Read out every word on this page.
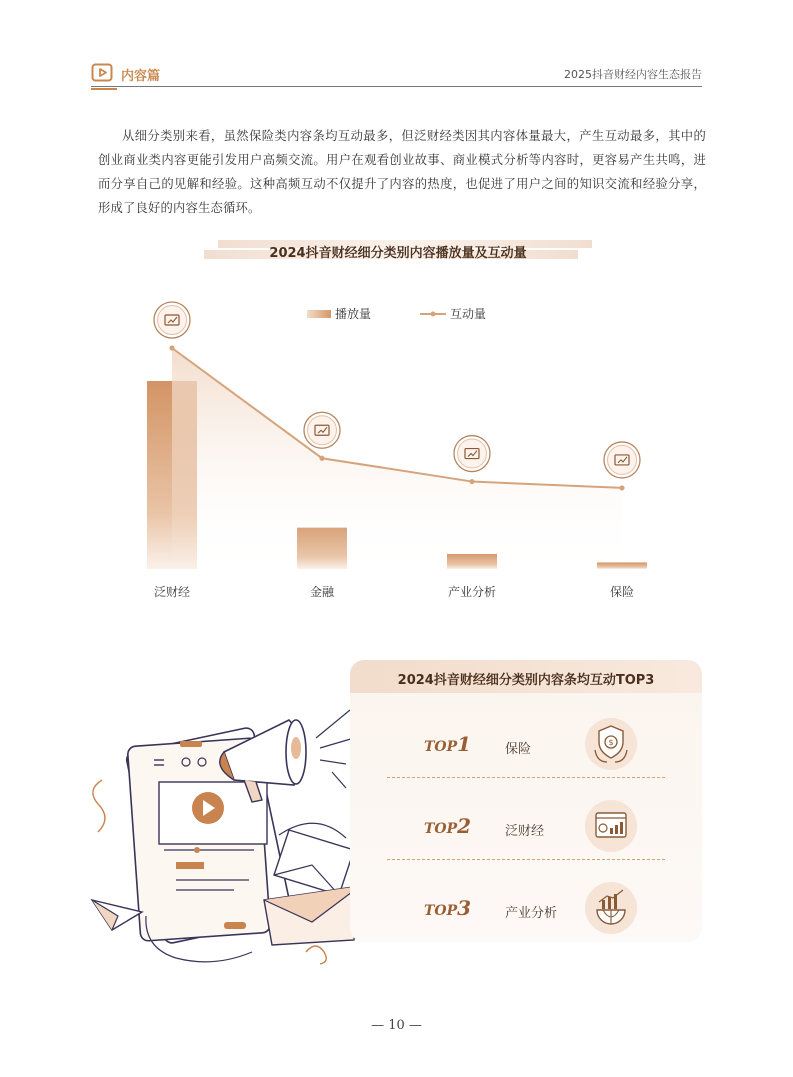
内容篇	2025抖音财经内容生态报告

从细分类别来看，虽然保险类内容条均互动最多，但泛财经类因其内容体量最大，产生互动最多，其中的创业商业类内容更能引发用户高频交流。用户在观看创业故事、商业模式分析等内容时，更容易产生共鸣，进而分享自己的见解和经验。这种高频互动不仅提升了内容的热度，也促进了用户之间的知识交流和经验分享，形成了良好的内容生态循环。

2024抖音财经细分类别内容播放量及互动量
播放量	互动量
泛财经	金融	产业分析	保险
2024抖音财经细分类别内容条均互动TOP3
TOP1	保险	$
TOP2	泛财经
TOP3	产业分析
— 10 —
